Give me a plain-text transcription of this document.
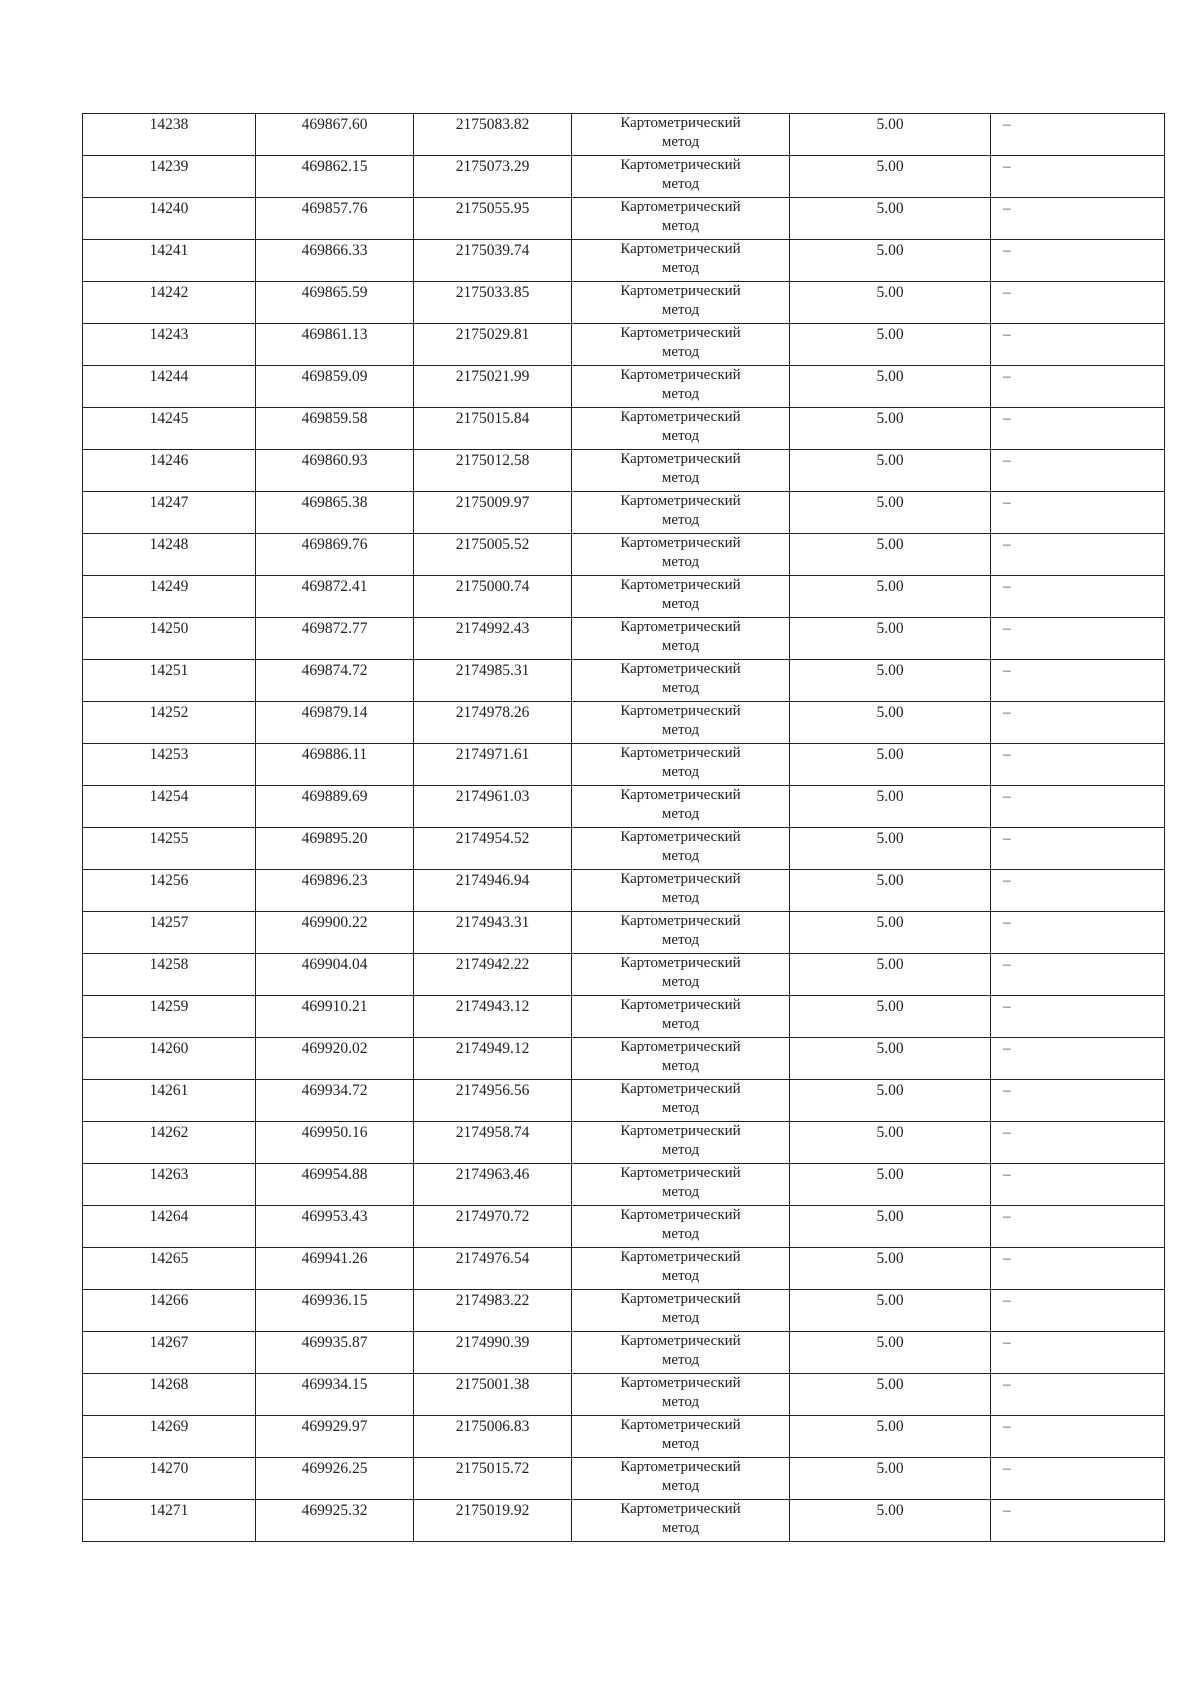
14238	469867.60	2175083.82	Картометрический
метод	5.00	–
14239	469862.15	2175073.29	Картометрический
метод	5.00	–
14240	469857.76	2175055.95	Картометрический
метод	5.00	–
14241	469866.33	2175039.74	Картометрический
метод	5.00	–
14242	469865.59	2175033.85	Картометрический
метод	5.00	–
14243	469861.13	2175029.81	Картометрический
метод	5.00	–
14244	469859.09	2175021.99	Картометрический
метод	5.00	–
14245	469859.58	2175015.84	Картометрический
метод	5.00	–
14246	469860.93	2175012.58	Картометрический
метод	5.00	–
14247	469865.38	2175009.97	Картометрический
метод	5.00	–
14248	469869.76	2175005.52	Картометрический
метод	5.00	–
14249	469872.41	2175000.74	Картометрический
метод	5.00	–
14250	469872.77	2174992.43	Картометрический
метод	5.00	–
14251	469874.72	2174985.31	Картометрический
метод	5.00	–
14252	469879.14	2174978.26	Картометрический
метод	5.00	–
14253	469886.11	2174971.61	Картометрический
метод	5.00	–
14254	469889.69	2174961.03	Картометрический
метод	5.00	–
14255	469895.20	2174954.52	Картометрический
метод	5.00	–
14256	469896.23	2174946.94	Картометрический
метод	5.00	–
14257	469900.22	2174943.31	Картометрический
метод	5.00	–
14258	469904.04	2174942.22	Картометрический
метод	5.00	–
14259	469910.21	2174943.12	Картометрический
метод	5.00	–
14260	469920.02	2174949.12	Картометрический
метод	5.00	–
14261	469934.72	2174956.56	Картометрический
метод	5.00	–
14262	469950.16	2174958.74	Картометрический
метод	5.00	–
14263	469954.88	2174963.46	Картометрический
метод	5.00	–
14264	469953.43	2174970.72	Картометрический
метод	5.00	–
14265	469941.26	2174976.54	Картометрический
метод	5.00	–
14266	469936.15	2174983.22	Картометрический
метод	5.00	–
14267	469935.87	2174990.39	Картометрический
метод	5.00	–
14268	469934.15	2175001.38	Картометрический
метод	5.00	–
14269	469929.97	2175006.83	Картометрический
метод	5.00	–
14270	469926.25	2175015.72	Картометрический
метод	5.00	–
14271	469925.32	2175019.92	Картометрический
метод	5.00	–
